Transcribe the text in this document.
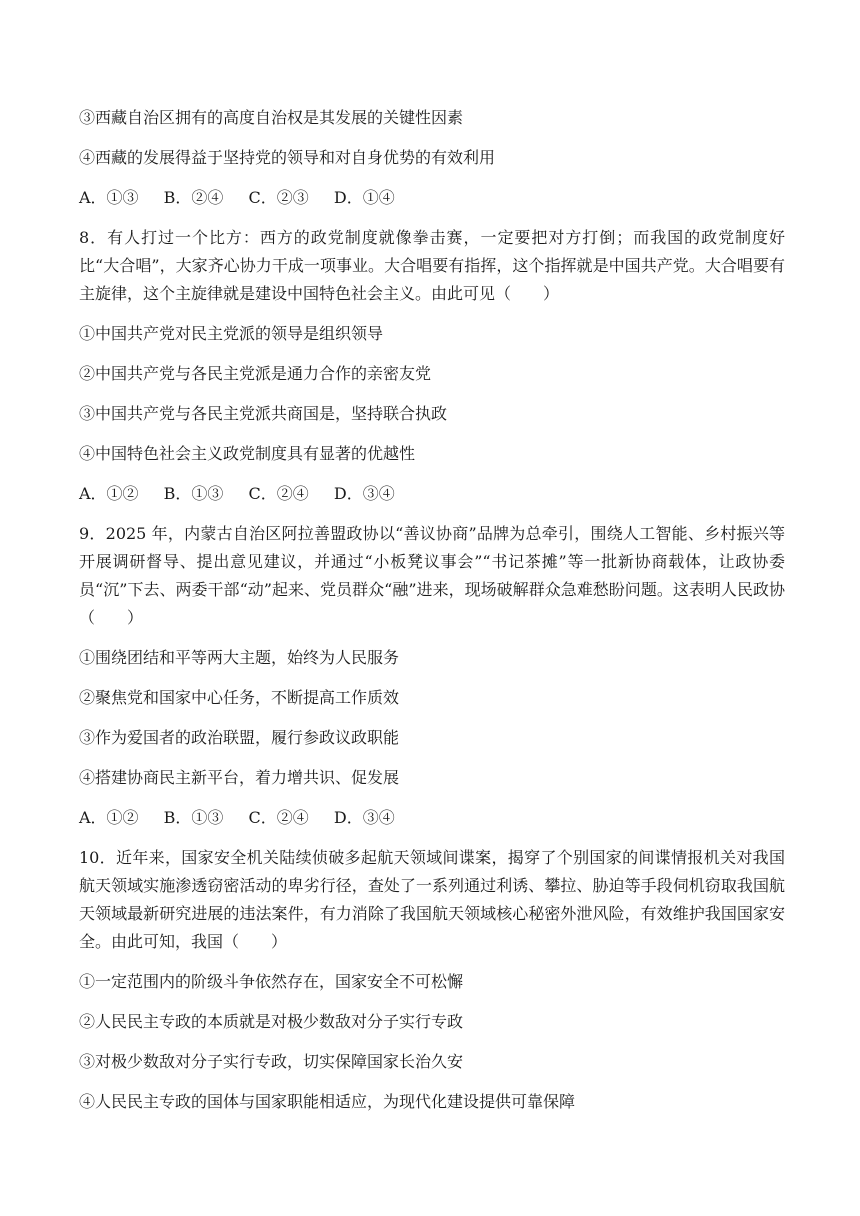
③西藏自治区拥有的高度自治权是其发展的关键性因素
④西藏的发展得益于坚持党的领导和对自身优势的有效利用
A．①③ B．②④ C．②③ D．①④
8．有人打过一个比方：西方的政党制度就像拳击赛，一定要把对方打倒；而我国的政党制度好比“大合唱”，大家齐心协力干成一项事业。大合唱要有指挥，这个指挥就是中国共产党。大合唱要有主旋律，这个主旋律就是建设中国特色社会主义。由此可见（　　）
①中国共产党对民主党派的领导是组织领导
②中国共产党与各民主党派是通力合作的亲密友党
③中国共产党与各民主党派共商国是，坚持联合执政
④中国特色社会主义政党制度具有显著的优越性
A．①② B．①③ C．②④ D．③④
9．2025 年，内蒙古自治区阿拉善盟政协以“善议协商”品牌为总牵引，围绕人工智能、乡村振兴等开展调研督导、提出意见建议，并通过“小板凳议事会”“书记茶摊”等一批新协商载体，让政协委员“沉”下去、两委干部“动”起来、党员群众“融”进来，现场破解群众急难愁盼问题。这表明人民政协（　　）
①围绕团结和平等两大主题，始终为人民服务
②聚焦党和国家中心任务，不断提高工作质效
③作为爱国者的政治联盟，履行参政议政职能
④搭建协商民主新平台，着力增共识、促发展
A．①② B．①③ C．②④ D．③④
10．近年来，国家安全机关陆续侦破多起航天领域间谍案，揭穿了个别国家的间谍情报机关对我国航天领域实施渗透窃密活动的卑劣行径，查处了一系列通过利诱、攀拉、胁迫等手段伺机窃取我国航天领域最新研究进展的违法案件，有力消除了我国航天领域核心秘密外泄风险，有效维护我国国家安全。由此可知，我国（　　）
①一定范围内的阶级斗争依然存在，国家安全不可松懈
②人民民主专政的本质就是对极少数敌对分子实行专政
③对极少数敌对分子实行专政，切实保障国家长治久安
④人民民主专政的国体与国家职能相适应，为现代化建设提供可靠保障
